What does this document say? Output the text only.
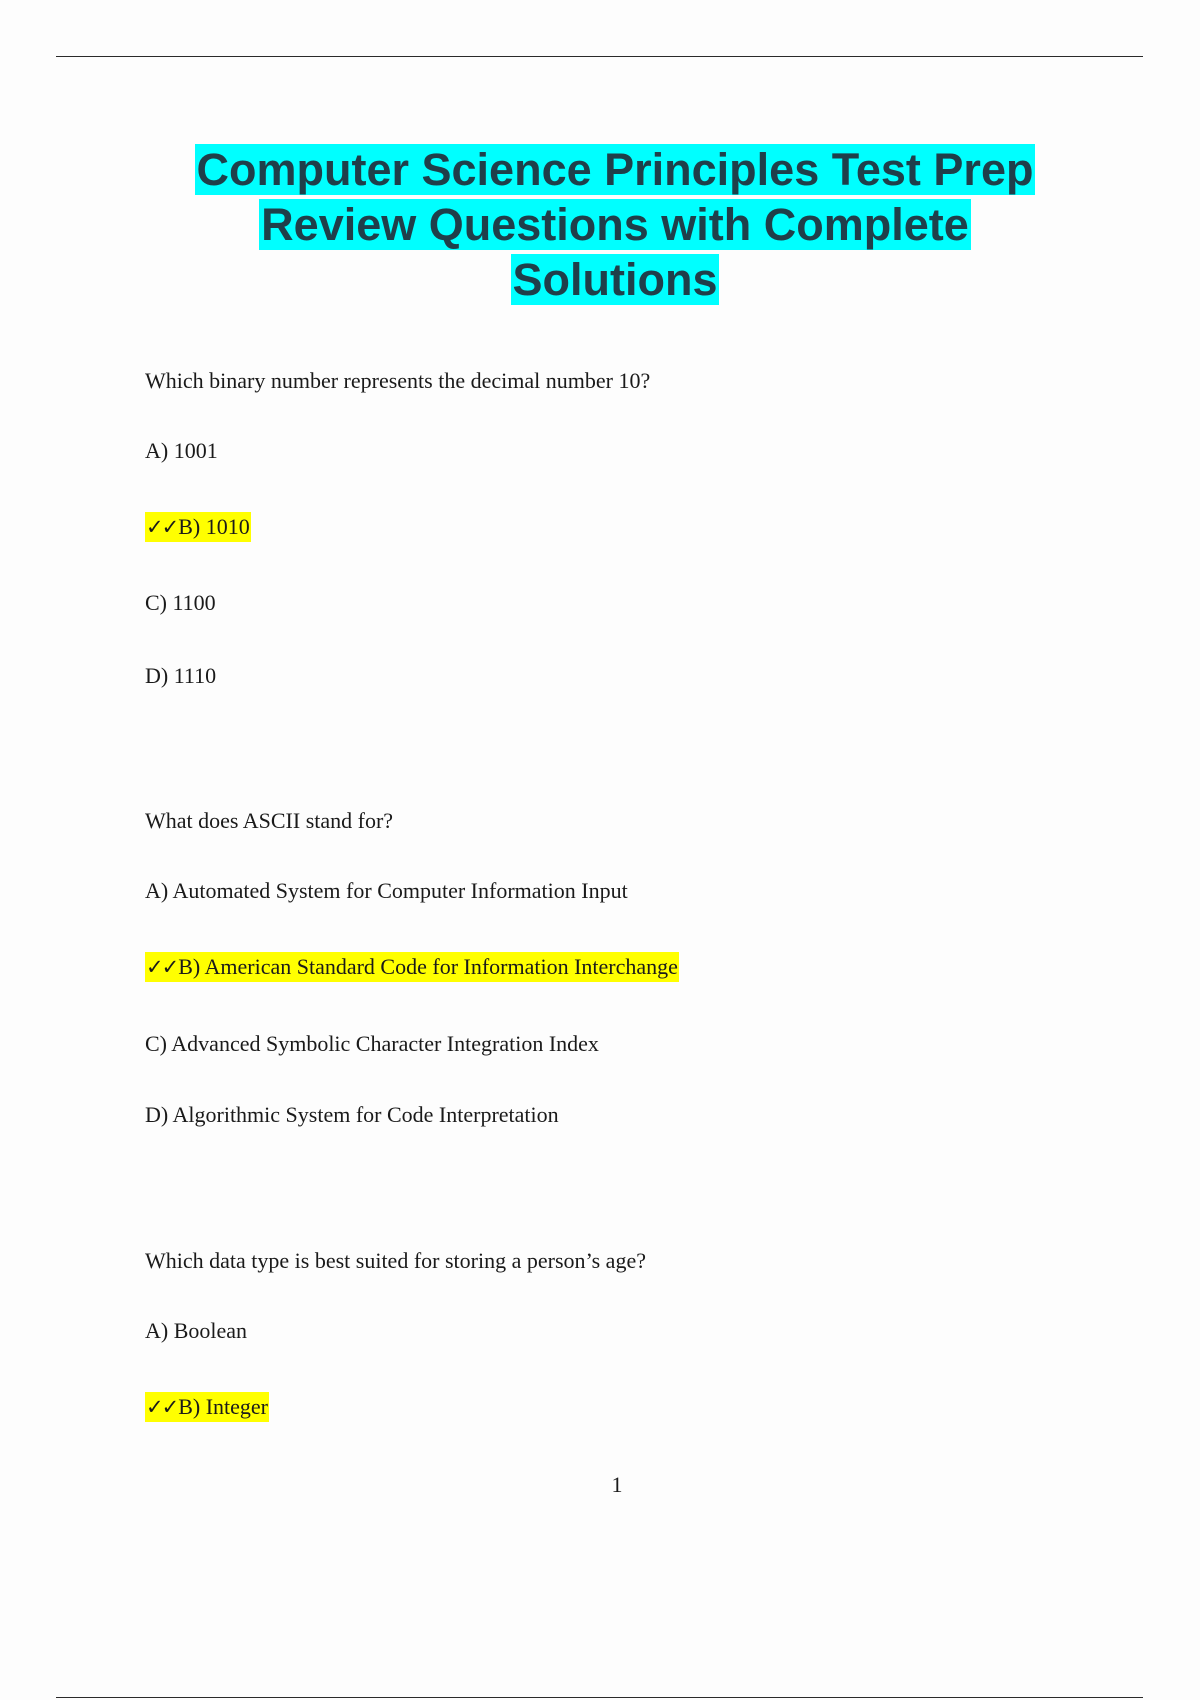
Computer Science Principles Test Prep
Review Questions with Complete
Solutions
Which binary number represents the decimal number 10?
A) 1001
✓✓B) 1010
C) 1100
D) 1110
What does ASCII stand for?
A) Automated System for Computer Information Input
✓✓B) American Standard Code for Information Interchange
C) Advanced Symbolic Character Integration Index
D) Algorithmic System for Code Interpretation
Which data type is best suited for storing a person’s age?
A) Boolean
✓✓B) Integer
1
